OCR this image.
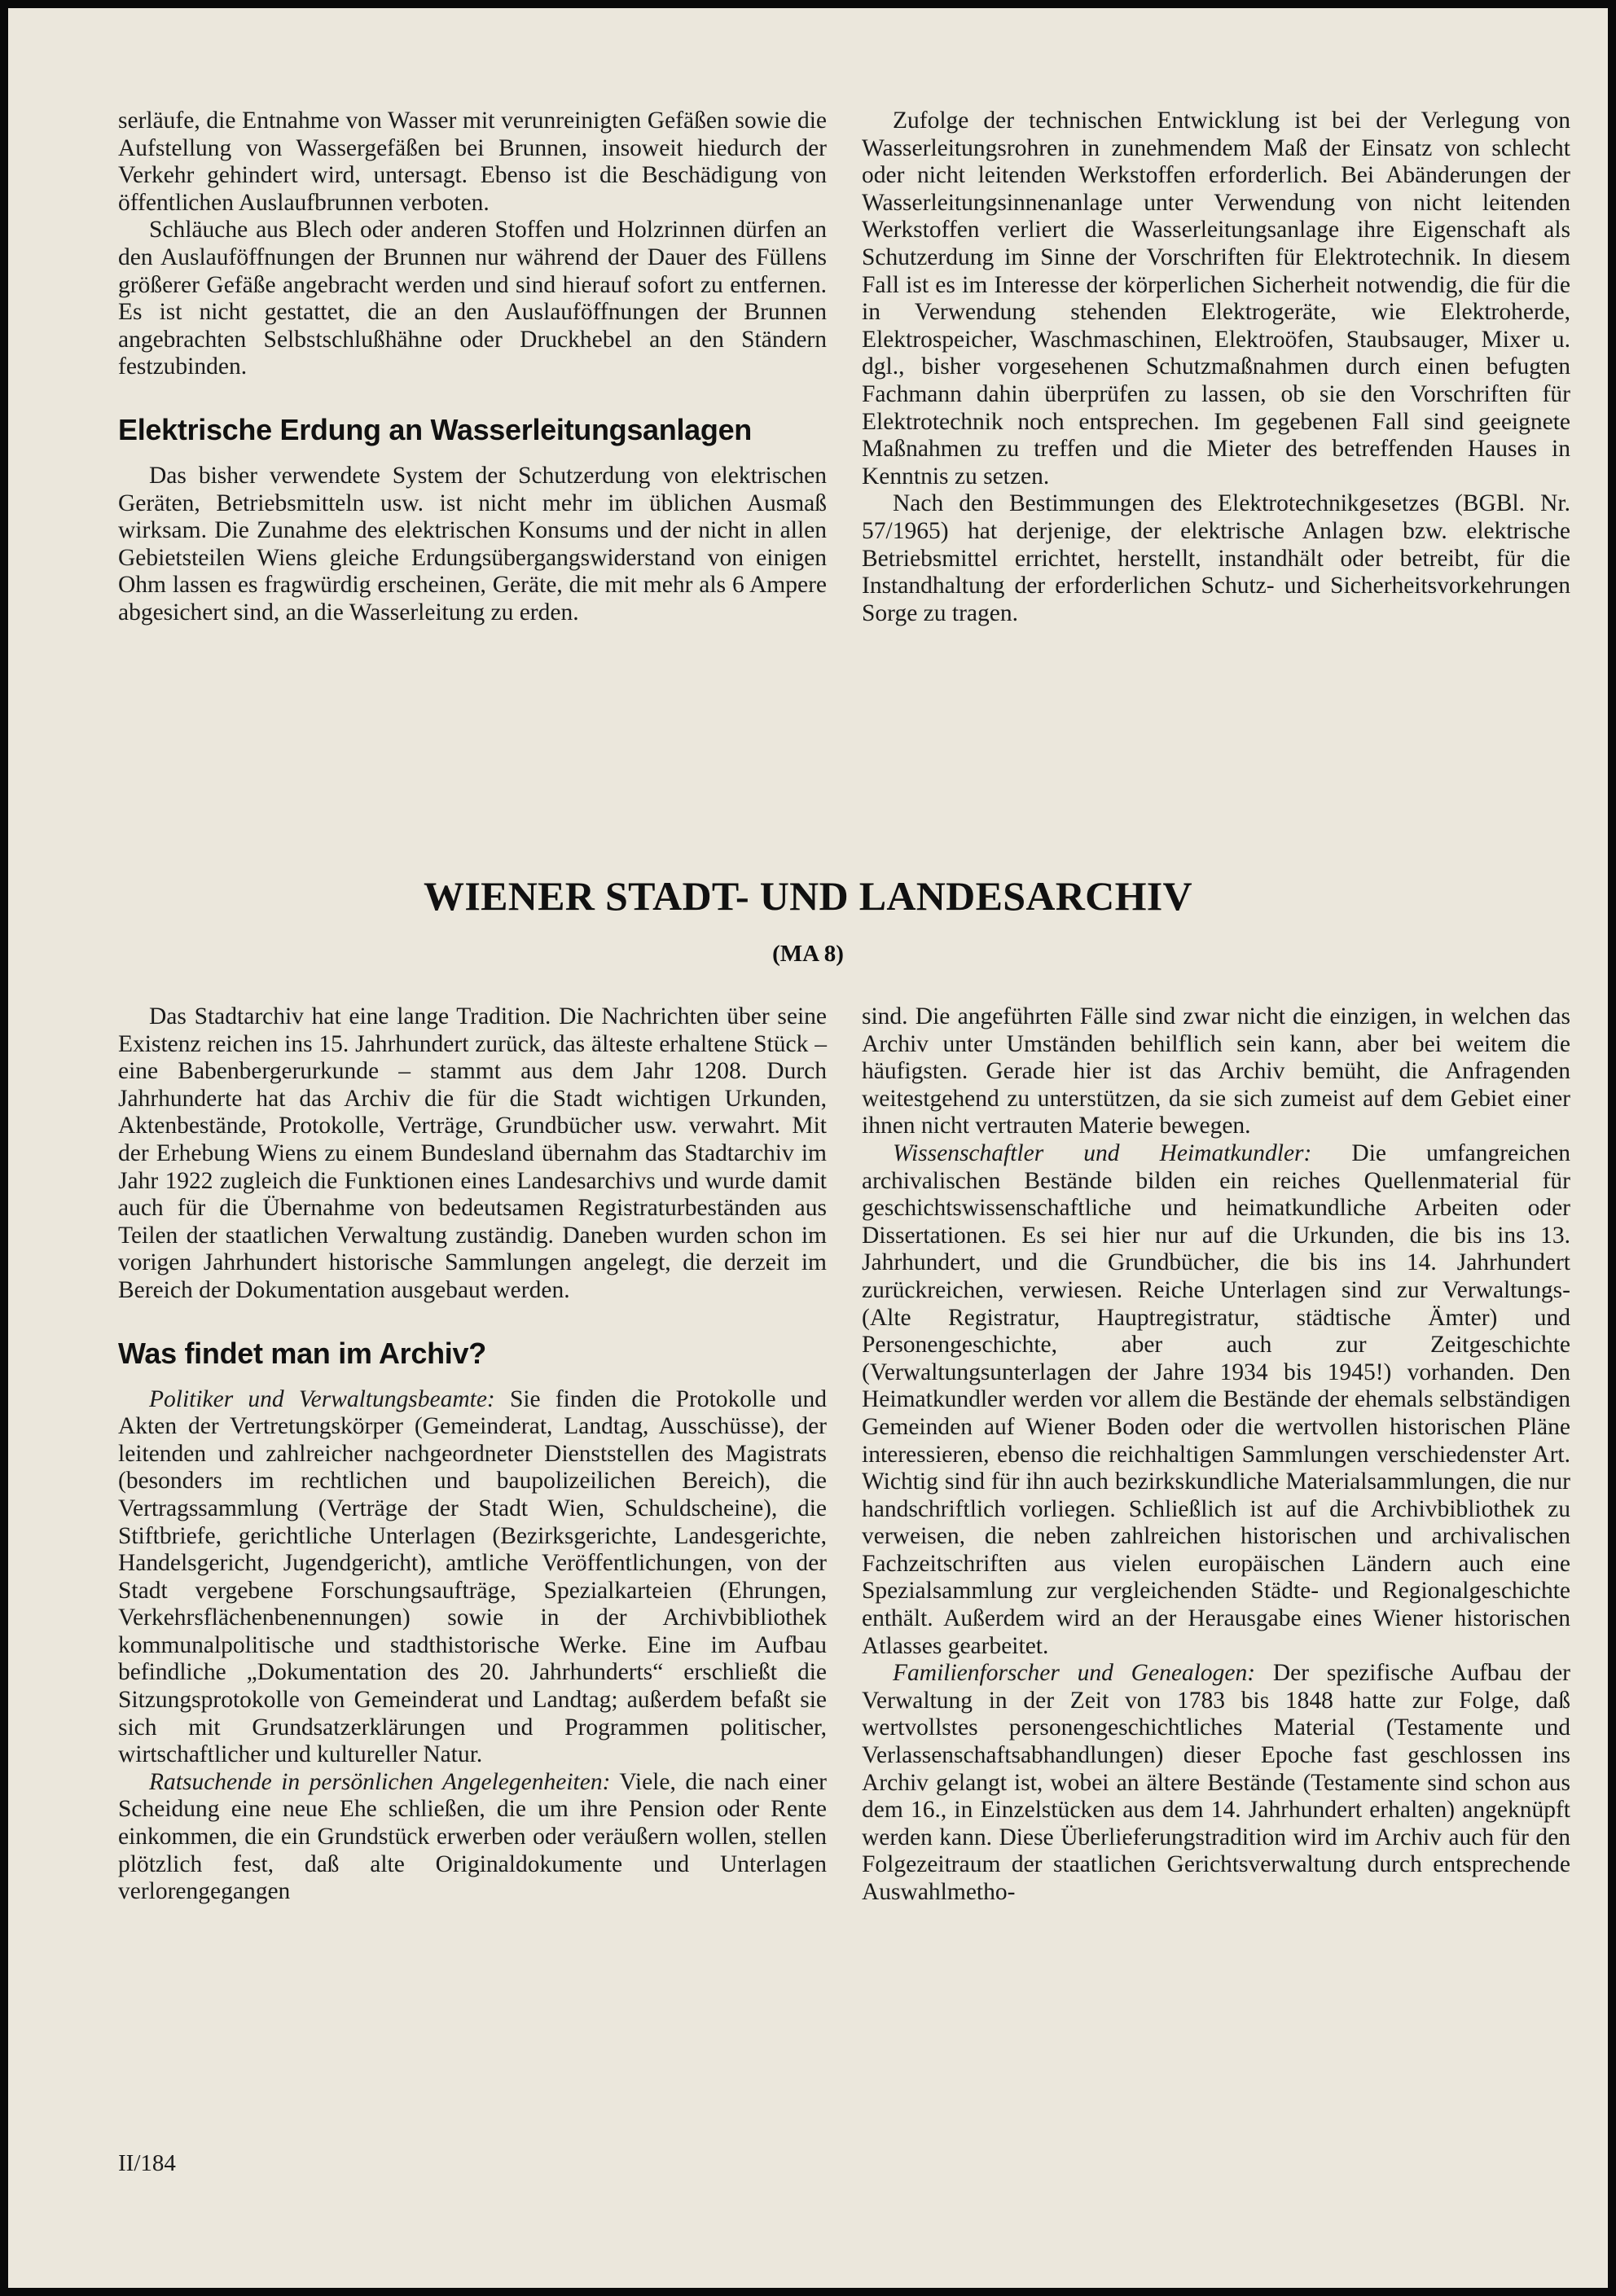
serläufe, die Entnahme von Wasser mit verunreinigten Gefäßen sowie die Aufstellung von Wassergefäßen bei Brunnen, insoweit hiedurch der Verkehr gehindert wird, untersagt. Ebenso ist die Beschädigung von öffentlichen Auslaufbrunnen verboten.

Schläuche aus Blech oder anderen Stoffen und Holzrinnen dürfen an den Auslauföffnungen der Brunnen nur während der Dauer des Füllens größerer Gefäße angebracht werden und sind hierauf sofort zu entfernen. Es ist nicht gestattet, die an den Auslauföffnungen der Brunnen angebrachten Selbstschlußhähne oder Druckhebel an den Ständern festzubinden.

Elektrische Erdung an Wasserleitungsanlagen

Das bisher verwendete System der Schutzerdung von elektrischen Geräten, Betriebsmitteln usw. ist nicht mehr im üblichen Ausmaß wirksam. Die Zunahme des elektrischen Konsums und der nicht in allen Gebietsteilen Wiens gleiche Erdungsübergangswiderstand von einigen Ohm lassen es fragwürdig erscheinen, Geräte, die mit mehr als 6 Ampere abgesichert sind, an die Wasserleitung zu erden.

Zufolge der technischen Entwicklung ist bei der Verlegung von Wasserleitungsrohren in zunehmendem Maß der Einsatz von schlecht oder nicht leitenden Werkstoffen erforderlich. Bei Abänderungen der Wasserleitungsinnenanlage unter Verwendung von nicht leitenden Werkstoffen verliert die Wasserleitungsanlage ihre Eigenschaft als Schutzerdung im Sinne der Vorschriften für Elektrotechnik. In diesem Fall ist es im Interesse der körperlichen Sicherheit notwendig, die für die in Verwendung stehenden Elektrogeräte, wie Elektroherde, Elektrospeicher, Waschmaschinen, Elektroöfen, Staubsauger, Mixer u. dgl., bisher vorgesehenen Schutzmaßnahmen durch einen befugten Fachmann dahin überprüfen zu lassen, ob sie den Vorschriften für Elektrotechnik noch entsprechen. Im gegebenen Fall sind geeignete Maßnahmen zu treffen und die Mieter des betreffenden Hauses in Kenntnis zu setzen.

Nach den Bestimmungen des Elektrotechnikgesetzes (BGBl. Nr. 57/1965) hat derjenige, der elektrische Anlagen bzw. elektrische Betriebsmittel errichtet, herstellt, instandhält oder betreibt, für die Instandhaltung der erforderlichen Schutz- und Sicherheitsvorkehrungen Sorge zu tragen.

WIENER STADT- UND LANDESARCHIV
(MA 8)

Das Stadtarchiv hat eine lange Tradition. Die Nachrichten über seine Existenz reichen ins 15. Jahrhundert zurück, das älteste erhaltene Stück – eine Babenbergerurkunde – stammt aus dem Jahr 1208. Durch Jahrhunderte hat das Archiv die für die Stadt wichtigen Urkunden, Aktenbestände, Protokolle, Verträge, Grundbücher usw. verwahrt. Mit der Erhebung Wiens zu einem Bundesland übernahm das Stadtarchiv im Jahr 1922 zugleich die Funktionen eines Landesarchivs und wurde damit auch für die Übernahme von bedeutsamen Registraturbeständen aus Teilen der staatlichen Verwaltung zuständig. Daneben wurden schon im vorigen Jahrhundert historische Sammlungen angelegt, die derzeit im Bereich der Dokumentation ausgebaut werden.

Was findet man im Archiv?

Politiker und Verwaltungsbeamte: Sie finden die Protokolle und Akten der Vertretungskörper (Gemeinderat, Landtag, Ausschüsse), der leitenden und zahlreicher nachgeordneter Dienststellen des Magistrats (besonders im rechtlichen und baupolizeilichen Bereich), die Vertragssammlung (Verträge der Stadt Wien, Schuldscheine), die Stiftbriefe, gerichtliche Unterlagen (Bezirksgerichte, Landesgerichte, Handelsgericht, Jugendgericht), amtliche Veröffentlichungen, von der Stadt vergebene Forschungsaufträge, Spezialkarteien (Ehrungen, Verkehrsflächenbenennungen) sowie in der Archivbibliothek kommunalpolitische und stadthistorische Werke. Eine im Aufbau befindliche „Dokumentation des 20. Jahrhunderts“ erschließt die Sitzungsprotokolle von Gemeinderat und Landtag; außerdem befaßt sie sich mit Grundsatzerklärungen und Programmen politischer, wirtschaftlicher und kultureller Natur.

Ratsuchende in persönlichen Angelegenheiten: Viele, die nach einer Scheidung eine neue Ehe schließen, die um ihre Pension oder Rente einkommen, die ein Grundstück erwerben oder veräußern wollen, stellen plötzlich fest, daß alte Originaldokumente und Unterlagen verlorengegangen

sind. Die angeführten Fälle sind zwar nicht die einzigen, in welchen das Archiv unter Umständen behilflich sein kann, aber bei weitem die häufigsten. Gerade hier ist das Archiv bemüht, die Anfragenden weitestgehend zu unterstützen, da sie sich zumeist auf dem Gebiet einer ihnen nicht vertrauten Materie bewegen.

Wissenschaftler und Heimatkundler: Die umfangreichen archivalischen Bestände bilden ein reiches Quellenmaterial für geschichtswissenschaftliche und heimatkundliche Arbeiten oder Dissertationen. Es sei hier nur auf die Urkunden, die bis ins 13. Jahrhundert, und die Grundbücher, die bis ins 14. Jahrhundert zurückreichen, verwiesen. Reiche Unterlagen sind zur Verwaltungs- (Alte Registratur, Hauptregistratur, städtische Ämter) und Personengeschichte, aber auch zur Zeitgeschichte (Verwaltungsunterlagen der Jahre 1934 bis 1945!) vorhanden. Den Heimatkundler werden vor allem die Bestände der ehemals selbständigen Gemeinden auf Wiener Boden oder die wertvollen historischen Pläne interessieren, ebenso die reichhaltigen Sammlungen verschiedenster Art. Wichtig sind für ihn auch bezirkskundliche Materialsammlungen, die nur handschriftlich vorliegen. Schließlich ist auf die Archivbibliothek zu verweisen, die neben zahlreichen historischen und archivalischen Fachzeitschriften aus vielen europäischen Ländern auch eine Spezialsammlung zur vergleichenden Städte- und Regionalgeschichte enthält. Außerdem wird an der Herausgabe eines Wiener historischen Atlasses gearbeitet.

Familienforscher und Genealogen: Der spezifische Aufbau der Verwaltung in der Zeit von 1783 bis 1848 hatte zur Folge, daß wertvollstes personengeschichtliches Material (Testamente und Verlassenschaftsabhandlungen) dieser Epoche fast geschlossen ins Archiv gelangt ist, wobei an ältere Bestände (Testamente sind schon aus dem 16., in Einzelstücken aus dem 14. Jahrhundert erhalten) angeknüpft werden kann. Diese Überlieferungstradition wird im Archiv auch für den Folgezeitraum der staatlichen Gerichtsverwaltung durch entsprechende Auswahlmetho-

II/184
